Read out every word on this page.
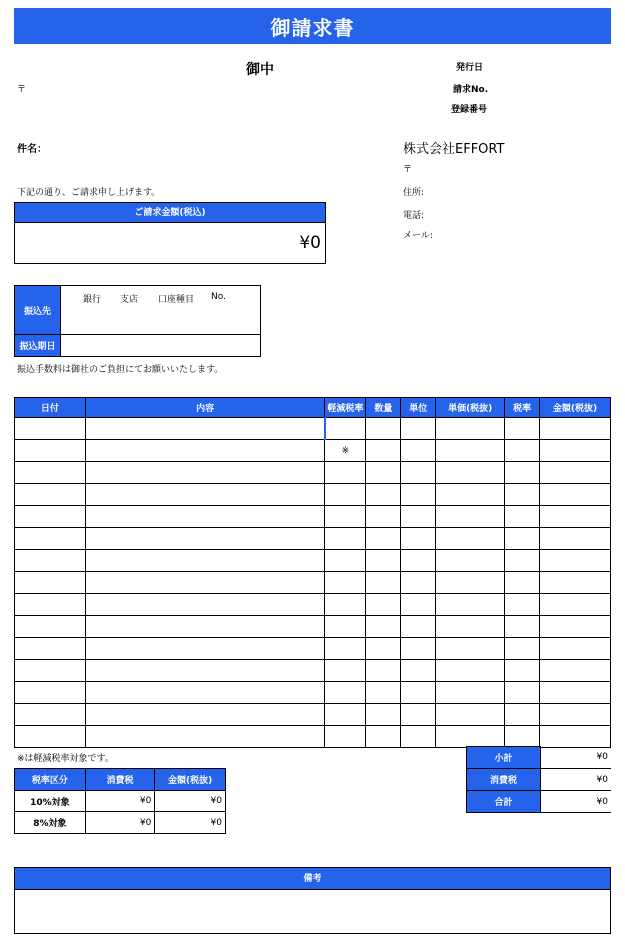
御請求書
御中
〒
発行日
請求No.
登録番号
件名：	株式会社EFFORT
〒
住所:
電話:
メール:
下記の通り、ご請求申し上げます。
ご請求金額(税込)
¥0
振込先
銀行 支店 口座種目 No.
振込期日
振込手数料は御社のご負担にてお願いいたします。
日付	内容	軽減税率	数量	単位	単価(税抜)	税率	金額(税抜)

		※					

※は軽減税率対象です。
税率区分	消費税	金額(税抜)
10%対象	¥0	¥0
8%対象	¥0	¥0
小計	¥0
消費税	¥0
合計	¥0
備考
